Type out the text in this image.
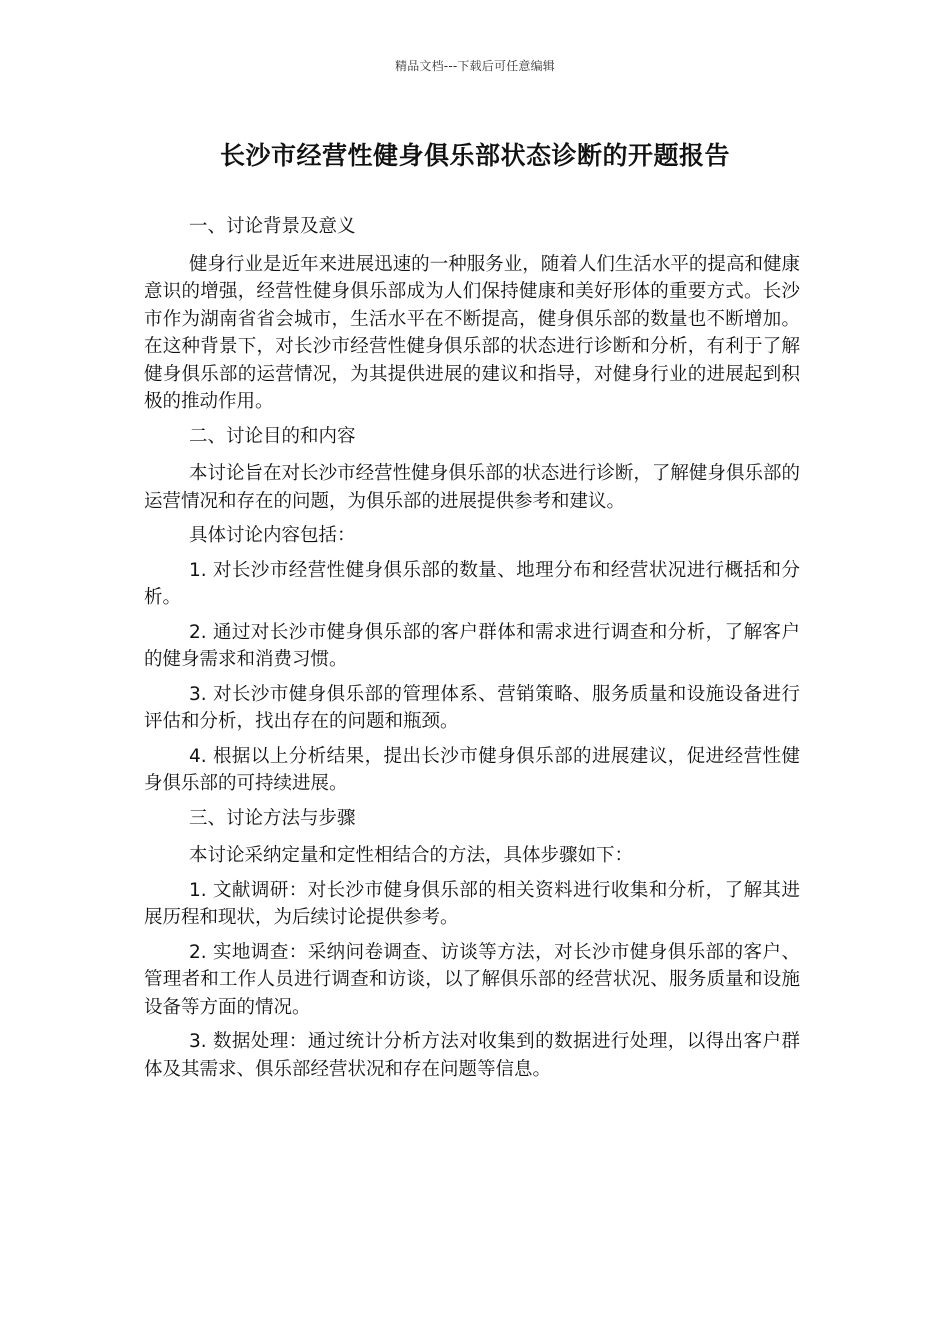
精品文档---下载后可任意编辑
长沙市经营性健身俱乐部状态诊断的开题报告

一、讨论背景及意义

健身行业是近年来进展迅速的一种服务业，随着人们生活水平的提高和健康意识的增强，经营性健身俱乐部成为人们保持健康和美好形体的重要方式。长沙市作为湖南省省会城市，生活水平在不断提高，健身俱乐部的数量也不断增加。在这种背景下，对长沙市经营性健身俱乐部的状态进行诊断和分析，有利于了解健身俱乐部的运营情况，为其提供进展的建议和指导，对健身行业的进展起到积极的推动作用。

二、讨论目的和内容

本讨论旨在对长沙市经营性健身俱乐部的状态进行诊断，了解健身俱乐部的运营情况和存在的问题，为俱乐部的进展提供参考和建议。

具体讨论内容包括：

1. 对长沙市经营性健身俱乐部的数量、地理分布和经营状况进行概括和分析。

2. 通过对长沙市健身俱乐部的客户群体和需求进行调查和分析，了解客户的健身需求和消费习惯。

3. 对长沙市健身俱乐部的管理体系、营销策略、服务质量和设施设备进行评估和分析，找出存在的问题和瓶颈。

4. 根据以上分析结果，提出长沙市健身俱乐部的进展建议，促进经营性健身俱乐部的可持续进展。

三、讨论方法与步骤

本讨论采纳定量和定性相结合的方法，具体步骤如下：

1. 文献调研：对长沙市健身俱乐部的相关资料进行收集和分析，了解其进展历程和现状，为后续讨论提供参考。

2. 实地调查：采纳问卷调查、访谈等方法，对长沙市健身俱乐部的客户、管理者和工作人员进行调查和访谈，以了解俱乐部的经营状况、服务质量和设施设备等方面的情况。

3. 数据处理：通过统计分析方法对收集到的数据进行处理，以得出客户群体及其需求、俱乐部经营状况和存在问题等信息。
